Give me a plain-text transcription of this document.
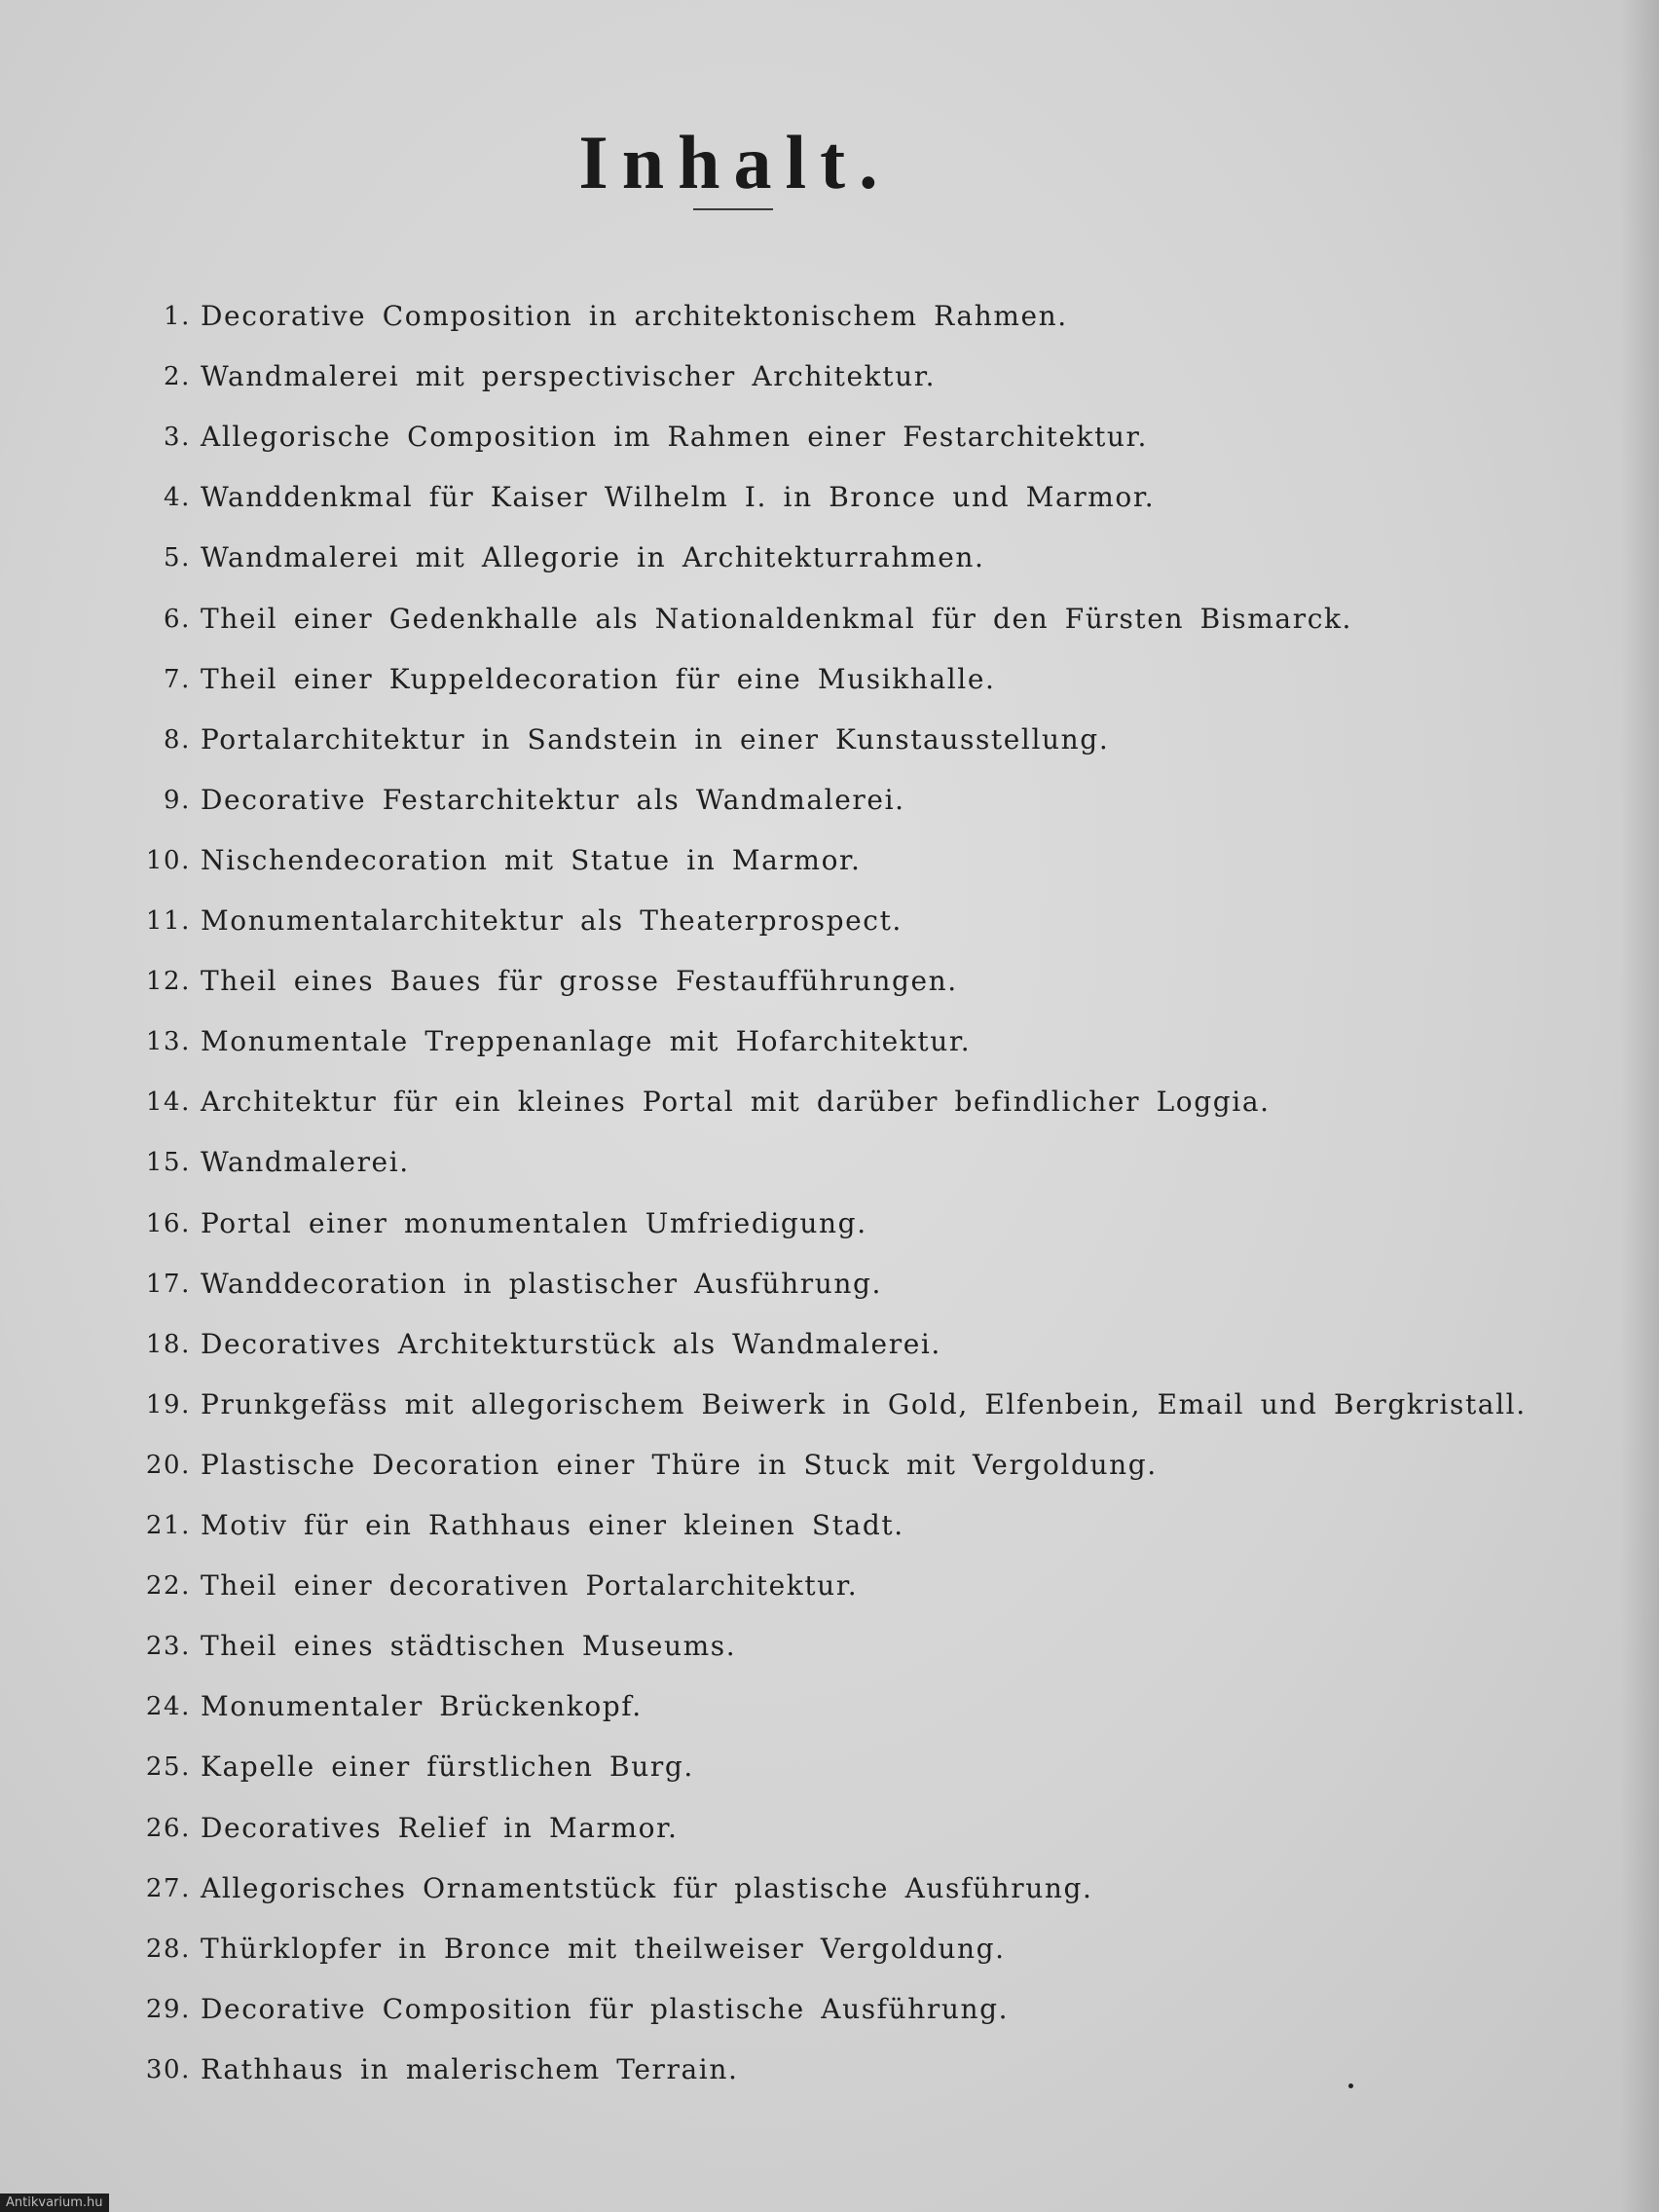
Inhalt.
1. Decorative Composition in architektonischem Rahmen.
2. Wandmalerei mit perspectivischer Architektur.
3. Allegorische Composition im Rahmen einer Festarchitektur.
4. Wanddenkmal für Kaiser Wilhelm I. in Bronce und Marmor.
5. Wandmalerei mit Allegorie in Architekturrahmen.
6. Theil einer Gedenkhalle als Nationaldenkmal für den Fürsten Bismarck.
7. Theil einer Kuppeldecoration für eine Musikhalle.
8. Portalarchitektur in Sandstein in einer Kunstausstellung.
9. Decorative Festarchitektur als Wandmalerei.
10. Nischendecoration mit Statue in Marmor.
11. Monumentalarchitektur als Theaterprospect.
12. Theil eines Baues für grosse Festaufführungen.
13. Monumentale Treppenanlage mit Hofarchitektur.
14. Architektur für ein kleines Portal mit darüber befindlicher Loggia.
15. Wandmalerei.
16. Portal einer monumentalen Umfriedigung.
17. Wanddecoration in plastischer Ausführung.
18. Decoratives Architekturstück als Wandmalerei.
19. Prunkgefäss mit allegorischem Beiwerk in Gold, Elfenbein, Email und Bergkristall.
20. Plastische Decoration einer Thüre in Stuck mit Vergoldung.
21. Motiv für ein Rathhaus einer kleinen Stadt.
22. Theil einer decorativen Portalarchitektur.
23. Theil eines städtischen Museums.
24. Monumentaler Brückenkopf.
25. Kapelle einer fürstlichen Burg.
26. Decoratives Relief in Marmor.
27. Allegorisches Ornamentstück für plastische Ausführung.
28. Thürklopfer in Bronce mit theilweiser Vergoldung.
29. Decorative Composition für plastische Ausführung.
30. Rathhaus in malerischem Terrain.
Antikvarium.hu
